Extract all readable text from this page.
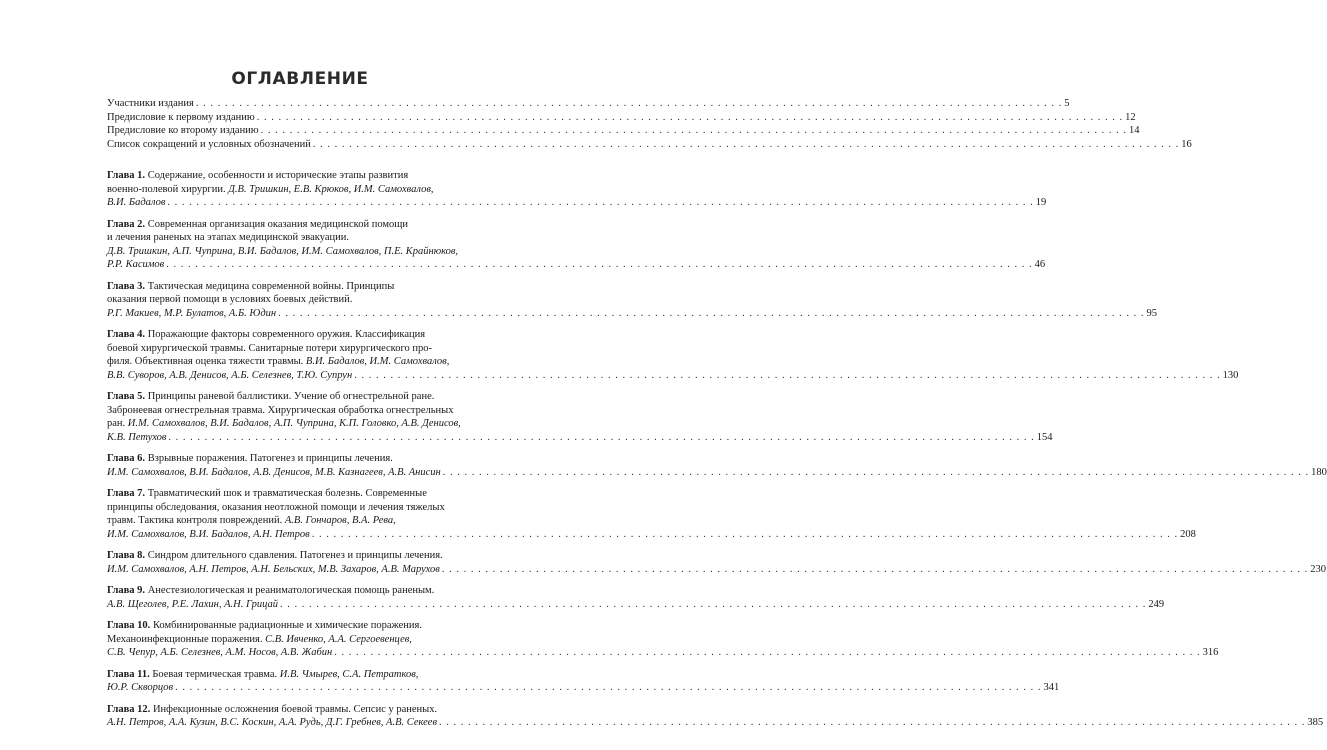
ОГЛАВЛЕНИЕ
Участники издания . . . . . . . . . . . . . . . . . . . . . . . . . . . . . . . . . . . . . . . . . . . . . . . . . . . . . . . . . . . . . . . . . . . . . . . . . . . . . . . . . . . . . . . . . . . . . . . . . . . . . . . . . . . . . . . . . . . . . . . . 5
Предисловие к первому изданию . . . . . . . . . . . . . . . . . . . . . . . . . . . . . . . . . . . . . . . . . . . . . . . . . . . . . . . . . . . . . . . . . . . . . . . . . . . . . . . . . . . . . . . . . . . . . . . . . . . . . . . . . . . . . . . . . . . . . . . . 12
Предисловие ко второму изданию . . . . . . . . . . . . . . . . . . . . . . . . . . . . . . . . . . . . . . . . . . . . . . . . . . . . . . . . . . . . . . . . . . . . . . . . . . . . . . . . . . . . . . . . . . . . . . . . . . . . . . . . . . . . . . . . . . . . . . . . 14
Список сокращений и условных обозначений . . . . . . . . . . . . . . . . . . . . . . . . . . . . . . . . . . . . . . . . . . . . . . . . . . . . . . . . . . . . . . . . . . . . . . . . . . . . . . . . . . . . . . . . . . . . . . . . . . . . . . . . . . . . . . . . . . . . . . . . 16
Глава 1. Содержание, особенности и исторические этапы развития
военно-полевой хирургии. Д.В. Тришкин, Е.В. Крюков, И.М. Самохвалов,
В.И. Бадалов . . . . . . . . . . . . . . . . . . . . . . . . . . . . . . . . . . . . . . . . . . . . . . . . . . . . . . . . . . . . . . . . . . . . . . . . . . . . . . . . . . . . . . . . . . . . . . . . . . . . . . . . . . . . . . . . . . . . . . . . 19
Глава 2. Современная организация оказания медицинской помощи
и лечения раненых на этапах медицинской эвакуации.
Д.В. Тришкин, А.П. Чуприна, В.И. Бадалов, И.М. Самохвалов, П.Е. Крайнюков,
Р.Р. Касимов . . . . . . . . . . . . . . . . . . . . . . . . . . . . . . . . . . . . . . . . . . . . . . . . . . . . . . . . . . . . . . . . . . . . . . . . . . . . . . . . . . . . . . . . . . . . . . . . . . . . . . . . . . . . . . . . . . . . . . . . 46
Глава 3. Тактическая медицина современной войны. Принципы
оказания первой помощи в условиях боевых действий.
Р.Г. Макиев, М.Р. Булатов, А.Б. Юдин . . . . . . . . . . . . . . . . . . . . . . . . . . . . . . . . . . . . . . . . . . . . . . . . . . . . . . . . . . . . . . . . . . . . . . . . . . . . . . . . . . . . . . . . . . . . . . . . . . . . . . . . . . . . . . . . . . . . . . . . 95
Глава 4. Поражающие факторы современного оружия. Классификация
боевой хирургической травмы. Санитарные потери хирургического про-
филя. Объективная оценка тяжести травмы. В.И. Бадалов, И.М. Самохвалов,
В.В. Суворов, А.В. Денисов, А.Б. Селезнев, Т.Ю. Супрун . . . . . . . . . . . . . . . . . . . . . . . . . . . . . . . . . . . . . . . . . . . . . . . . . . . . . . . . . . . . . . . . . . . . . . . . . . . . . . . . . . . . . . . . . . . . . . . . . . . . . . . . . . . . . . . . . . . . . . . . 130
Глава 5. Принципы раневой баллистики. Учение об огнестрельной ране.
Забронеевая огнестрельная травма. Хирургическая обработка огнестрельных
ран. И.М. Самохвалов, В.И. Бадалов, А.П. Чуприна, К.П. Головко, А.В. Денисов,
К.В. Петухов . . . . . . . . . . . . . . . . . . . . . . . . . . . . . . . . . . . . . . . . . . . . . . . . . . . . . . . . . . . . . . . . . . . . . . . . . . . . . . . . . . . . . . . . . . . . . . . . . . . . . . . . . . . . . . . . . . . . . . . . 154
Глава 6. Взрывные поражения. Патогенез и принципы лечения.
И.М. Самохвалов, В.И. Бадалов, А.В. Денисов, М.В. Казнагеев, А.В. Анисин . . . . . . . . . . . . . . . . . . . . . . . . . . . . . . . . . . . . . . . . . . . . . . . . . . . . . . . . . . . . . . . . . . . . . . . . . . . . . . . . . . . . . . . . . . . . . . . . . . . . . . . . . . . . . . . . . . . . . . . . 180
Глава 7. Травматический шок и травматическая болезнь. Современные
принципы обследования, оказания неотложной помощи и лечения тяжелых
травм. Тактика контроля повреждений. А.В. Гончаров, В.А. Рева,
И.М. Самохвалов, В.И. Бадалов, А.Н. Петров . . . . . . . . . . . . . . . . . . . . . . . . . . . . . . . . . . . . . . . . . . . . . . . . . . . . . . . . . . . . . . . . . . . . . . . . . . . . . . . . . . . . . . . . . . . . . . . . . . . . . . . . . . . . . . . . . . . . . . . . 208
Глава 8. Синдром длительного сдавления. Патогенез и принципы лечения.
И.М. Самохвалов, А.Н. Петров, А.Н. Бельских, М.В. Захаров, А.В. Марухов . . . . . . . . . . . . . . . . . . . . . . . . . . . . . . . . . . . . . . . . . . . . . . . . . . . . . . . . . . . . . . . . . . . . . . . . . . . . . . . . . . . . . . . . . . . . . . . . . . . . . . . . . . . . . . . . . . . . . . . . 230
Глава 9. Анестезиологическая и реаниматологическая помощь раненым.
А.В. Щеголев, Р.Е. Лахин, А.Н. Грицай . . . . . . . . . . . . . . . . . . . . . . . . . . . . . . . . . . . . . . . . . . . . . . . . . . . . . . . . . . . . . . . . . . . . . . . . . . . . . . . . . . . . . . . . . . . . . . . . . . . . . . . . . . . . . . . . . . . . . . . . 249
Глава 10. Комбинированные радиационные и химические поражения.
Механоинфекционные поражения. С.В. Ивченко, А.А. Сергоевенцев,
С.В. Чепур, А.Б. Селезнев, А.М. Носов, А.В. Жабин . . . . . . . . . . . . . . . . . . . . . . . . . . . . . . . . . . . . . . . . . . . . . . . . . . . . . . . . . . . . . . . . . . . . . . . . . . . . . . . . . . . . . . . . . . . . . . . . . . . . . . . . . . . . . . . . . . . . . . . . 316
Глава 11. Боевая термическая травма. И.В. Чмырев, С.А. Петратков,
Ю.Р. Скворцов . . . . . . . . . . . . . . . . . . . . . . . . . . . . . . . . . . . . . . . . . . . . . . . . . . . . . . . . . . . . . . . . . . . . . . . . . . . . . . . . . . . . . . . . . . . . . . . . . . . . . . . . . . . . . . . . . . . . . . . . 341
Глава 12. Инфекционные осложнения боевой травмы. Сепсис у раненых.
А.Н. Петров, А.А. Кузин, В.С. Коскин, А.А. Рудь, Д.Г. Гребнев, А.В. Секеев . . . . . . . . . . . . . . . . . . . . . . . . . . . . . . . . . . . . . . . . . . . . . . . . . . . . . . . . . . . . . . . . . . . . . . . . . . . . . . . . . . . . . . . . . . . . . . . . . . . . . . . . . . . . . . . . . . . . . . . . 385
